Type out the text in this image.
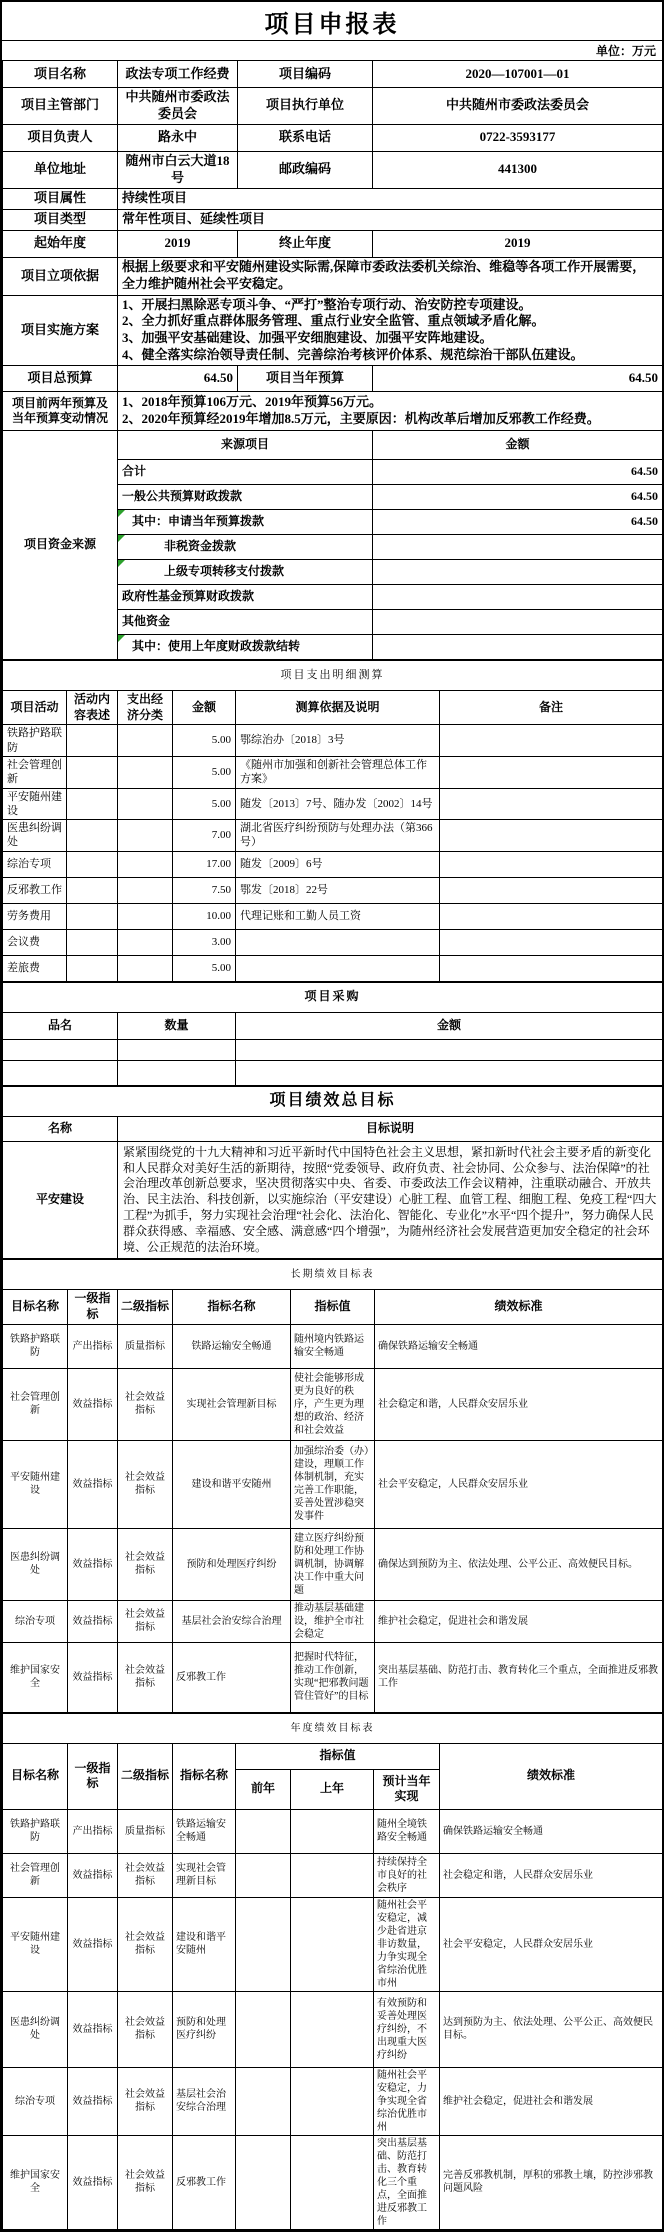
项目申报表
单位：万元
项目名称	政法专项工作经费	项目编码	2020—107001—01
项目主管部门	中共随州市委政法委员会	项目执行单位	中共随州市委政法委员会
项目负责人	路永中	联系电话	0722-3593177
单位地址	随州市白云大道18号	邮政编码	441300
项目属性	持续性项目		
项目类型	常年性项目、延续性项目		
起始年度	2019	终止年度	2019
项目立项依据	根据上级要求和平安随州建设实际需,保障市委政法委机关综治、维稳等各项工作开展需要，全力维护随州社会平安稳定。		
项目实施方案	1、开展扫黑除恶专项斗争、“严打”整治专项行动、治安防控专项建设。
2、全力抓好重点群体服务管理、重点行业安全监管、重点领域矛盾化解。
3、加强平安基础建设、加强平安细胞建设、加强平安阵地建设。
4、健全落实综治领导责任制、完善综治考核评价体系、规范综治干部队伍建设。		

项目总预算	64.50	项目当年预算	64.50
项目前两年预算及当年预算变动情况	1、2018年预算106万元、2019年预算56万元。
2、2020年预算经2019年增加8.5万元，主要原因：机构改革后增加反邪教工作经费。		
项目资金来源	来源项目	金额
	合计	64.50
	一般公共预算财政拨款	64.50

其中：申请当年预算拨款	64.50

非税资金拨款	

上级专项转移支付拨款	
	政府性基金预算财政拨款	
	其他资金	

其中：使用上年度财政拨款结转	
项目支出明细测算					
项目活动	活动内容表述	支出经济分类	金额	测算依据及说明	备注
铁路护路联防			5.00	鄂综治办〔2018〕3号	
社会管理创新			5.00	《随州市加强和创新社会管理总体工作方案》	
平安随州建设			5.00	随发〔2013〕7号、随办发〔2002〕14号	
医患纠纷调处			7.00	湖北省医疗纠纷预防与处理办法（第366号）	
综治专项			17.00	随发〔2009〕6号	
反邪教工作			7.50	鄂发〔2018〕22号	
劳务费用			10.00	代理记账和工勤人员工资	
会议费			3.00		
差旅费			5.00		
项目采购		
品名	数量	金额

项目绩效总目标	
名称	目标说明
平安建设	紧紧围绕党的十九大精神和习近平新时代中国特色社会主义思想，紧扣新时代社会主要矛盾的新变化和人民群众对美好生活的新期待，按照“党委领导、政府负责、社会协同、公众参与、法治保障”的社会治理改革创新总要求，坚决贯彻落实中央、省委、市委政法工作会议精神，注重联动融合、开放共治、民主法治、科技创新，以实施综治（平安建设）心脏工程、血管工程、细胞工程、免疫工程“四大工程”为抓手，努力实现社会治理“社会化、法治化、智能化、专业化”水平“四个提升”，努力确保人民群众获得感、幸福感、安全感、满意感“四个增强”，为随州经济社会发展营造更加安全稳定的社会环境、公正规范的法治环境。
长期绩效目标表					
目标名称	一级指标	二级指标	指标名称	指标值	绩效标准
铁路护路联防	产出指标	质量指标	铁路运输安全畅通	随州境内铁路运输安全畅通	确保铁路运输安全畅通
社会管理创新	效益指标	社会效益指标	实现社会管理新目标	使社会能够形成更为良好的秩序，产生更为理想的政治、经济和社会效益	社会稳定和谐，人民群众安居乐业
平安随州建设	效益指标	社会效益指标	建设和谐平安随州	加强综治委（办）建设，理顺工作体制机制，充实完善工作职能，妥善处置涉稳突发事件	社会平安稳定，人民群众安居乐业
医患纠纷调处	效益指标	社会效益指标	预防和处理医疗纠纷	建立医疗纠纷预防和处理工作协调机制，协调解决工作中重大问题	确保达到预防为主、依法处理、公平公正、高效便民目标。
综治专项	效益指标	社会效益指标	基层社会治安综合治理	推动基层基础建设，维护全市社会稳定	维护社会稳定，促进社会和谐发展
维护国家安全	效益指标	社会效益指标	反邪教工作	把握时代特征，推动工作创新，实现“把邪教问题管住管好”的目标	突出基层基础、防范打击、教育转化三个重点，全面推进反邪教工作
年度绩效目标表							
目标名称	一级指标	二级指标	指标名称	指标值			绩效标准
				前年	上年	预计当年实现	
铁路护路联防	产出指标	质量指标	铁路运输安全畅通			随州全境铁路安全畅通	确保铁路运输安全畅通
社会管理创新	效益指标	社会效益指标	实现社会管理新目标			持续保持全市良好的社会秩序	社会稳定和谐，人民群众安居乐业
平安随州建设	效益指标	社会效益指标	建设和谐平安随州			随州社会平安稳定，减少赴省进京非访数量，力争实现全省综治优胜市州	社会平安稳定，人民群众安居乐业
医患纠纷调处	效益指标	社会效益指标	预防和处理医疗纠纷			有效预防和妥善处理医疗纠纷，不出现重大医疗纠纷	达到预防为主、依法处理、公平公正、高效便民目标。
综治专项	效益指标	社会效益指标	基层社会治安综合治理			随州社会平安稳定，力争实现全省综治优胜市州	维护社会稳定，促进社会和谐发展
维护国家安全	效益指标	社会效益指标	反邪教工作			突出基层基础、防范打击、教育转化三个重点，全面推进反邪教工作	完善反邪教机制，厚积的邪教土壤，防控涉邪教问题风险
